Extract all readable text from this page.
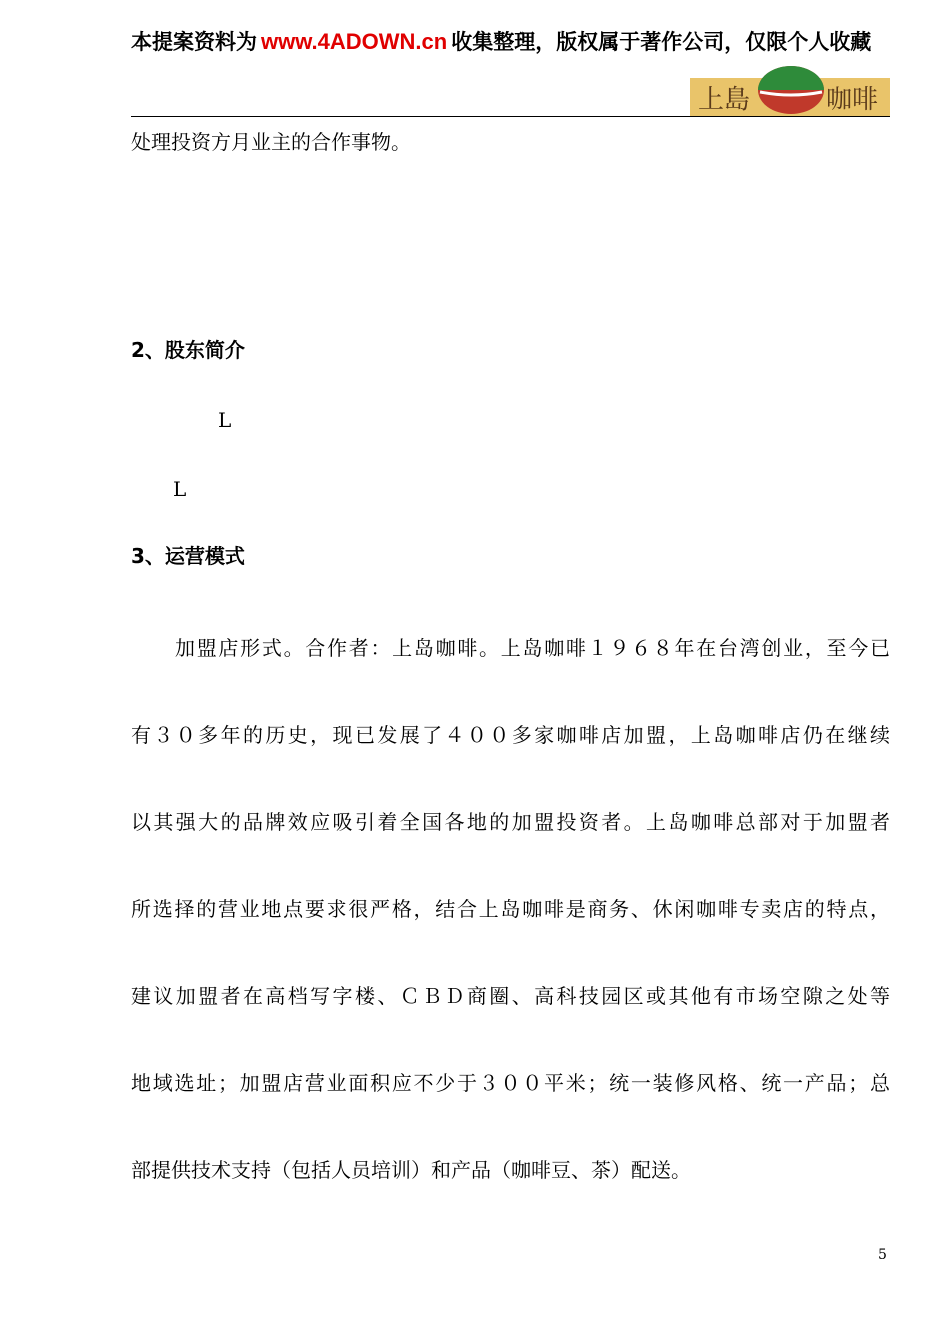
本提案资料为 www.4ADOWN.cn 收集整理，版权属于著作公司，仅限个人收藏
上島	咖啡
处理投资方月业主的合作事物。
2、股东简介
L
L
3、运营模式
加盟店形式。合作者：上岛咖啡。上岛咖啡１９６８年在台湾创业，至今已
有３０多年的历史，现已发展了４００多家咖啡店加盟，上岛咖啡店仍在继续
以其强大的品牌效应吸引着全国各地的加盟投资者。上岛咖啡总部对于加盟者
所选择的营业地点要求很严格，结合上岛咖啡是商务、休闲咖啡专卖店的特点，
建议加盟者在高档写字楼、ＣＢＤ商圈、高科技园区或其他有市场空隙之处等
地域选址；加盟店营业面积应不少于３００平米；统一装修风格、统一产品；总
部提供技术支持（包括人员培训）和产品（咖啡豆、茶）配送。
5
